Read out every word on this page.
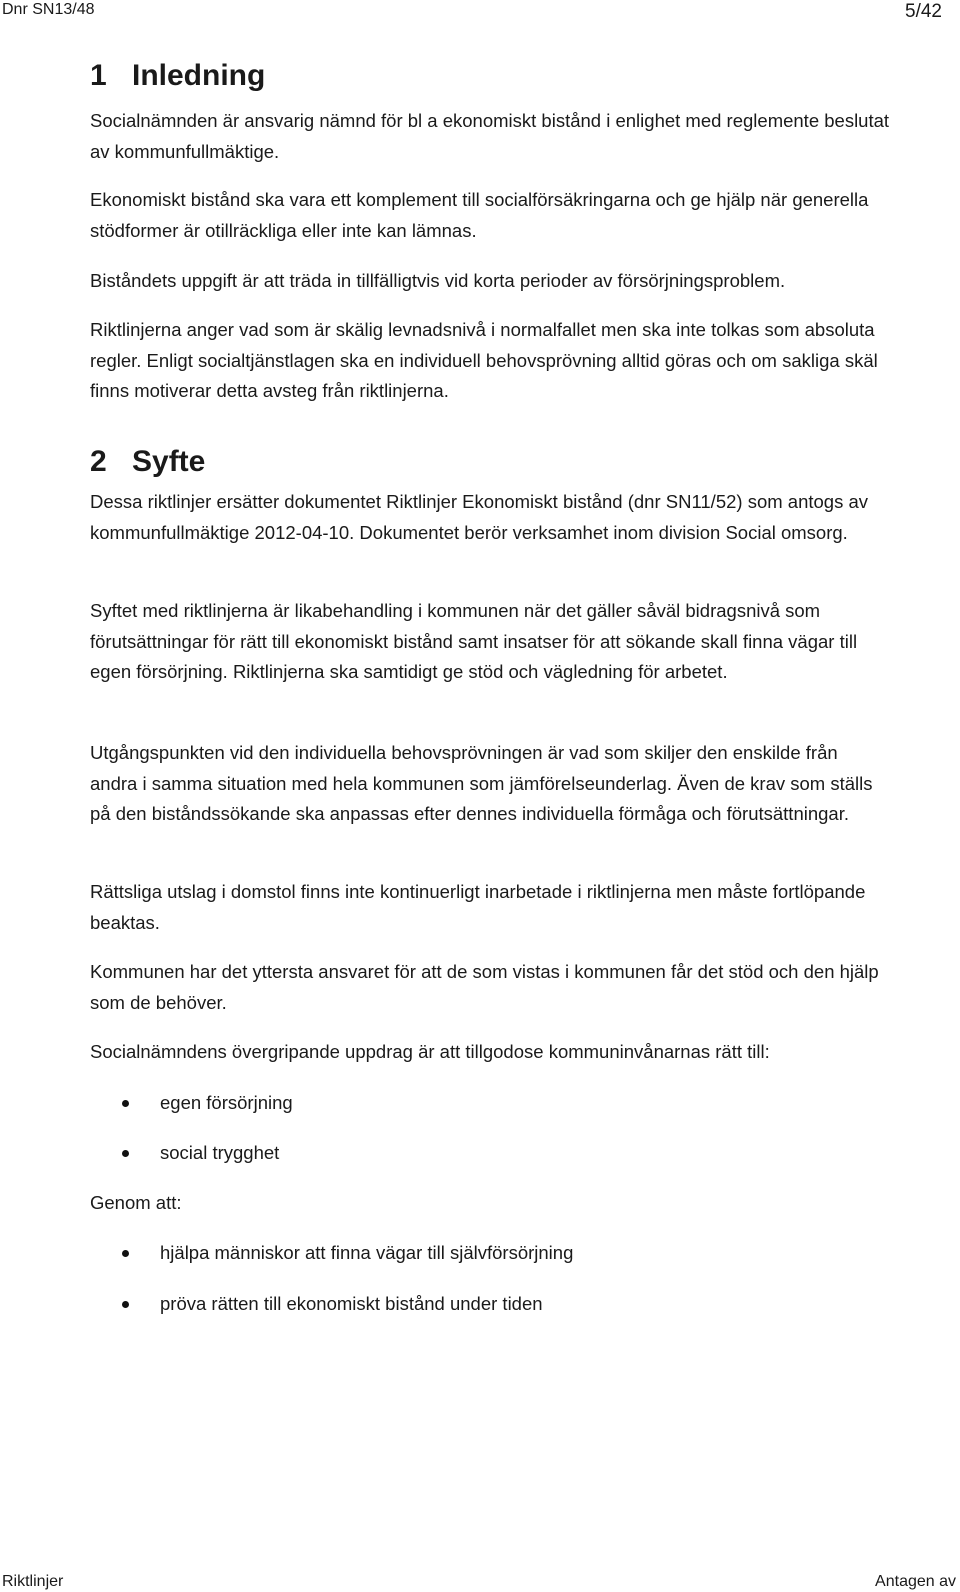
Dnr SN13/48	5/42
1 Inledning

Socialnämnden är ansvarig nämnd för bl a ekonomiskt bistånd i enlighet med reglemente beslutat av kommunfullmäktige.

Ekonomiskt bistånd ska vara ett komplement till socialförsäkringarna och ge hjälp när generella stödformer är otillräckliga eller inte kan lämnas.

Biståndets uppgift är att träda in tillfälligtvis vid korta perioder av försörjningsproblem.

Riktlinjerna anger vad som är skälig levnadsnivå i normalfallet men ska inte tolkas som absoluta regler. Enligt socialtjänstlagen ska en individuell behovsprövning alltid göras och om sakliga skäl finns motiverar detta avsteg från riktlinjerna.

2 Syfte

Dessa riktlinjer ersätter dokumentet Riktlinjer Ekonomiskt bistånd (dnr SN11/52) som antogs av kommunfullmäktige 2012-04-10. Dokumentet berör verksamhet inom division Social omsorg.

Syftet med riktlinjerna är likabehandling i kommunen när det gäller såväl bidragsnivå som förutsättningar för rätt till ekonomiskt bistånd samt insatser för att sökande skall finna vägar till egen försörjning. Riktlinjerna ska samtidigt ge stöd och vägledning för arbetet.

Utgångspunkten vid den individuella behovsprövningen är vad som skiljer den enskilde från andra i samma situation med hela kommunen som jämförelseunderlag. Även de krav som ställs på den biståndssökande ska anpassas efter dennes individuella förmåga och förutsättningar.

Rättsliga utslag i domstol finns inte kontinuerligt inarbetade i riktlinjerna men måste fortlöpande beaktas.

Kommunen har det yttersta ansvaret för att de som vistas i kommunen får det stöd och den hjälp som de behöver.

Socialnämndens övergripande uppdrag är att tillgodose kommuninvånarnas rätt till:

egen försörjning
social trygghet

Genom att:

hjälpa människor att finna vägar till självförsörjning
pröva rätten till ekonomiskt bistånd under tiden
Riktlinjer	Antagen av
